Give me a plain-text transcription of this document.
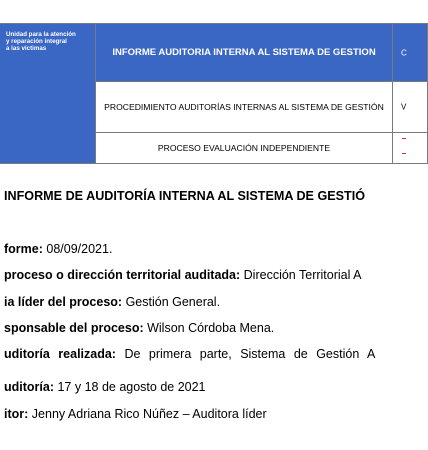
Unidad para la atención
y reparación integral
a las víctimas	INFORME AUDITORIA INTERNA AL SISTEMA DE GESTION	C

	PROCEDIMIENTO AUDITORÍAS INTERNAS AL SISTEMA DE GESTIÓN	V

	PROCESO EVALUACIÓN INDEPENDIENTE	
INFORME DE AUDITORÍA INTERNA AL SISTEMA DE GESTIÓ
forme: 08/09/2021.
proceso o dirección territorial auditada: Dirección Territorial A
ia líder del proceso: Gestión General.
sponsable del proceso: Wilson Córdoba Mena.
uditoría realizada: De primera parte, Sistema de Gestión A
uditoría: 17 y 18 de agosto de 2021
itor: Jenny Adriana Rico Núñez – Auditora líder
